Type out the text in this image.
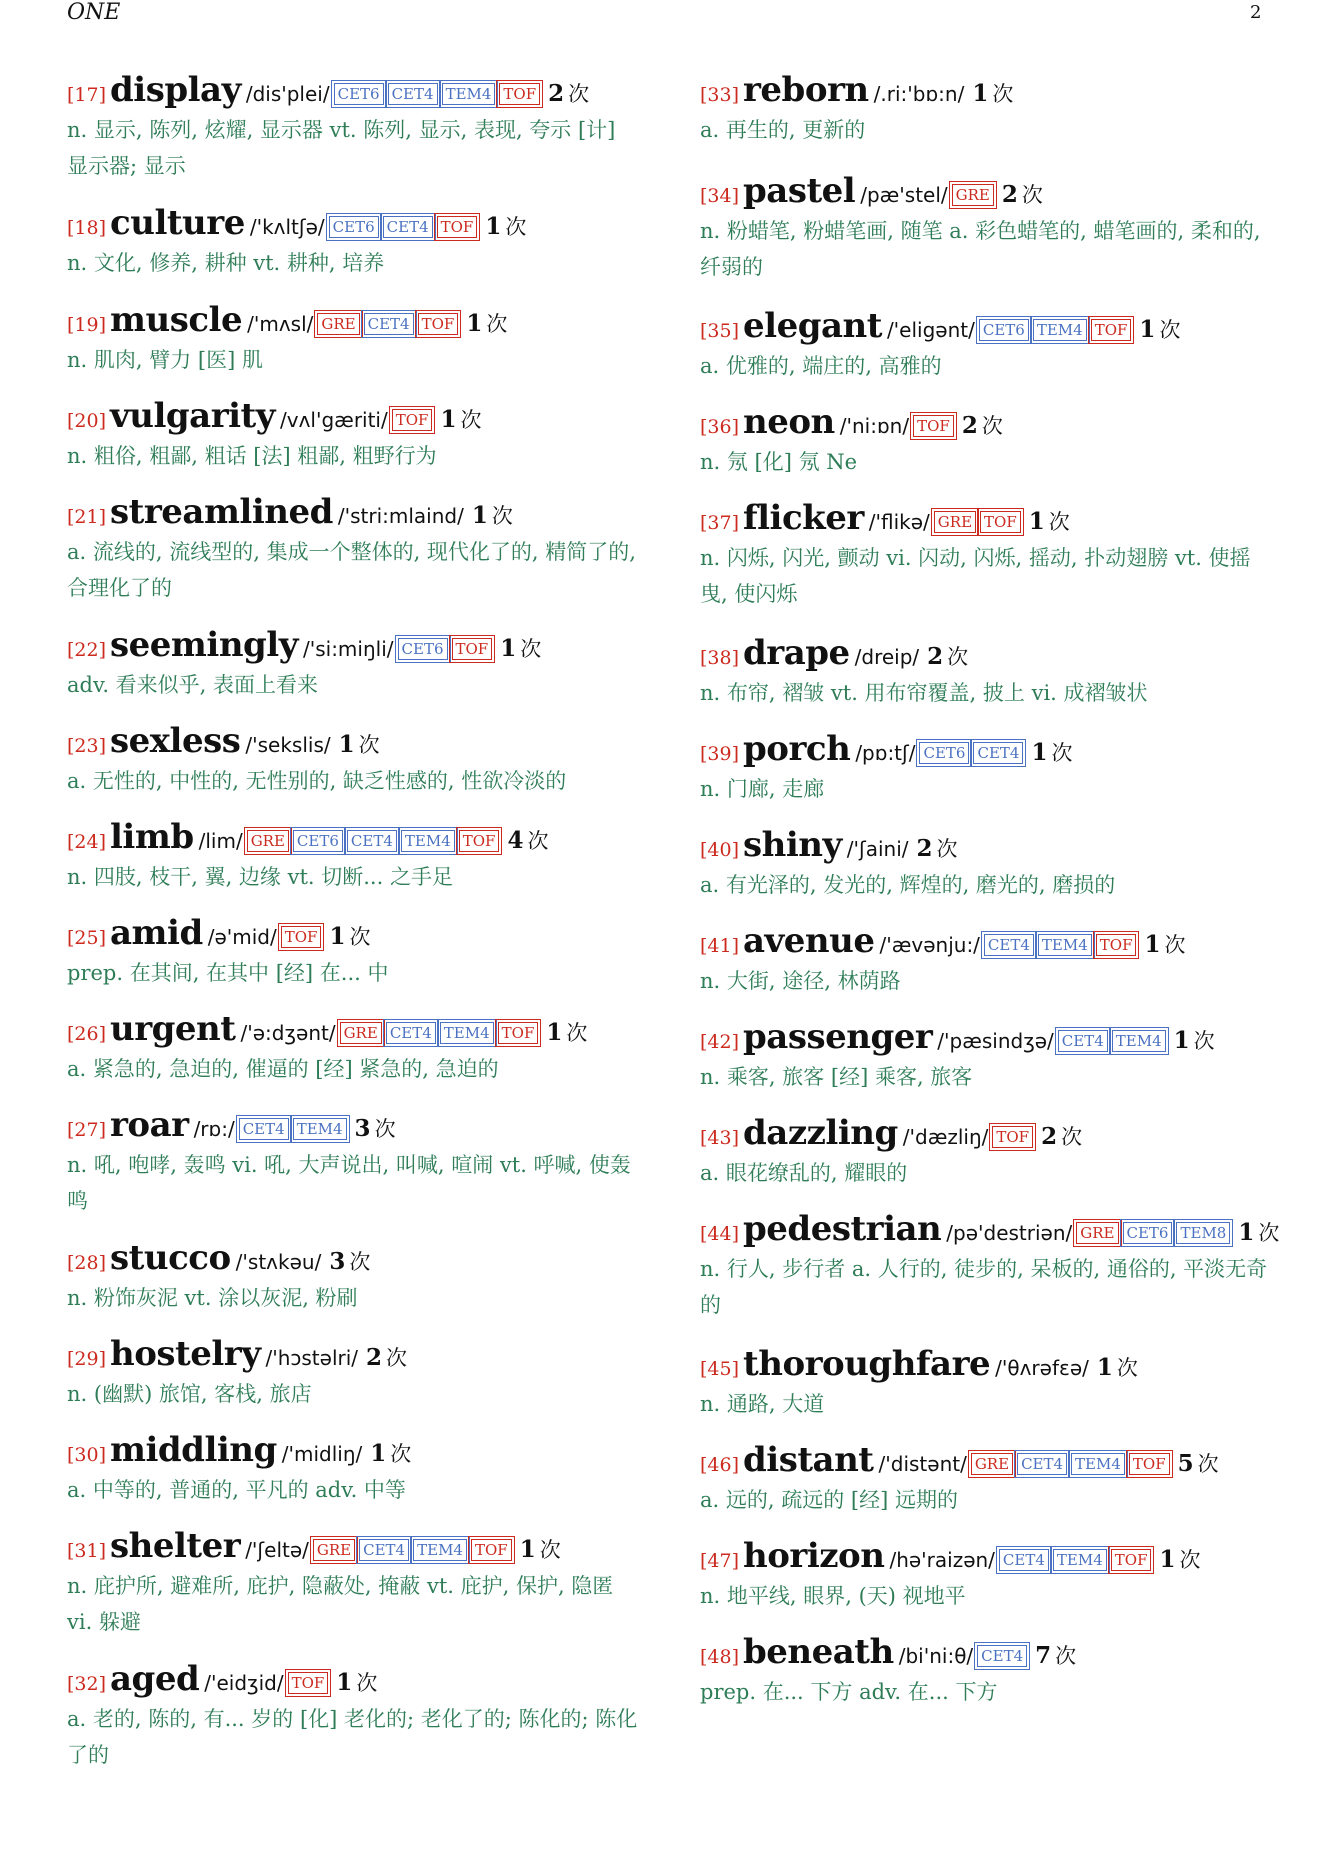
ONE	2
[17] display /dis'plei/ CET6 CET4 TEM4 TOF 2 次
n. 显示, 陈列, 炫耀, 显示器 vt. 陈列, 显示, 表现, 夸示 [计] 显示器; 显示
[18] culture /'kʌltʃə/ CET6 CET4 TOF 1 次
n. 文化, 修养, 耕种 vt. 耕种, 培养
[19] muscle /'mʌsl/ GRE CET4 TOF 1 次
n. 肌肉, 臂力 [医] 肌
[20] vulgarity /vʌl'gæriti/ TOF 1 次
n. 粗俗, 粗鄙, 粗话 [法] 粗鄙, 粗野行为
[21] streamlined /'stri:mlaind/ 1 次
a. 流线的, 流线型的, 集成一个整体的, 现代化了的, 精简了的, 合理化了的
[22] seemingly /'si:miŋli/ CET6 TOF 1 次
adv. 看来似乎, 表面上看来
[23] sexless /'sekslis/ 1 次
a. 无性的, 中性的, 无性别的, 缺乏性感的, 性欲冷淡的
[24] limb /lim/ GRE CET6 CET4 TEM4 TOF 4 次
n. 四肢, 枝干, 翼, 边缘 vt. 切断... 之手足
[25] amid /ə'mid/ TOF 1 次
prep. 在其间, 在其中 [经] 在... 中
[26] urgent /'ə:dʒənt/ GRE CET4 TEM4 TOF 1 次
a. 紧急的, 急迫的, 催逼的 [经] 紧急的, 急迫的
[27] roar /rɒ:/ CET4 TEM4 3 次
n. 吼, 咆哮, 轰鸣 vi. 吼, 大声说出, 叫喊, 喧闹 vt. 呼喊, 使轰鸣
[28] stucco /'stʌkəu/ 3 次
n. 粉饰灰泥 vt. 涂以灰泥, 粉刷
[29] hostelry /'hɔstəlri/ 2 次
n. (幽默) 旅馆, 客栈, 旅店
[30] middling /'midliŋ/ 1 次
a. 中等的, 普通的, 平凡的 adv. 中等
[31] shelter /'ʃeltə/ GRE CET4 TEM4 TOF 1 次
n. 庇护所, 避难所, 庇护, 隐蔽处, 掩蔽 vt. 庇护, 保护, 隐匿 vi. 躲避
[32] aged /'eidʒid/ TOF 1 次
a. 老的, 陈的, 有... 岁的 [化] 老化的; 老化了的; 陈化的; 陈化了的
[33] reborn /.ri:'bɒ:n/ 1 次
a. 再生的, 更新的
[34] pastel /pæ'stel/ GRE 2 次
n. 粉蜡笔, 粉蜡笔画, 随笔 a. 彩色蜡笔的, 蜡笔画的, 柔和的, 纤弱的
[35] elegant /'eligənt/ CET6 TEM4 TOF 1 次
a. 优雅的, 端庄的, 高雅的
[36] neon /'ni:ɒn/ TOF 2 次
n. 氖 [化] 氖 Ne
[37] flicker /'flikə/ GRE TOF 1 次
n. 闪烁, 闪光, 颤动 vi. 闪动, 闪烁, 摇动, 扑动翅膀 vt. 使摇曳, 使闪烁
[38] drape /dreip/ 2 次
n. 布帘, 褶皱 vt. 用布帘覆盖, 披上 vi. 成褶皱状
[39] porch /pɒ:tʃ/ CET6 CET4 1 次
n. 门廊, 走廊
[40] shiny /'ʃaini/ 2 次
a. 有光泽的, 发光的, 辉煌的, 磨光的, 磨损的
[41] avenue /'ævənju:/ CET4 TEM4 TOF 1 次
n. 大街, 途径, 林荫路
[42] passenger /'pæsindʒə/ CET4 TEM4 1 次
n. 乘客, 旅客 [经] 乘客, 旅客
[43] dazzling /'dæzliŋ/ TOF 2 次
a. 眼花缭乱的, 耀眼的
[44] pedestrian /pə'destriən/ GRE CET6 TEM8 1 次
n. 行人, 步行者 a. 人行的, 徒步的, 呆板的, 通俗的, 平淡无奇的
[45] thoroughfare /'θʌrəfɛə/ 1 次
n. 通路, 大道
[46] distant /'distənt/ GRE CET4 TEM4 TOF 5 次
a. 远的, 疏远的 [经] 远期的
[47] horizon /hə'raizən/ CET4 TEM4 TOF 1 次
n. 地平线, 眼界, (天) 视地平
[48] beneath /bi'ni:θ/ CET4 7 次
prep. 在... 下方 adv. 在... 下方
